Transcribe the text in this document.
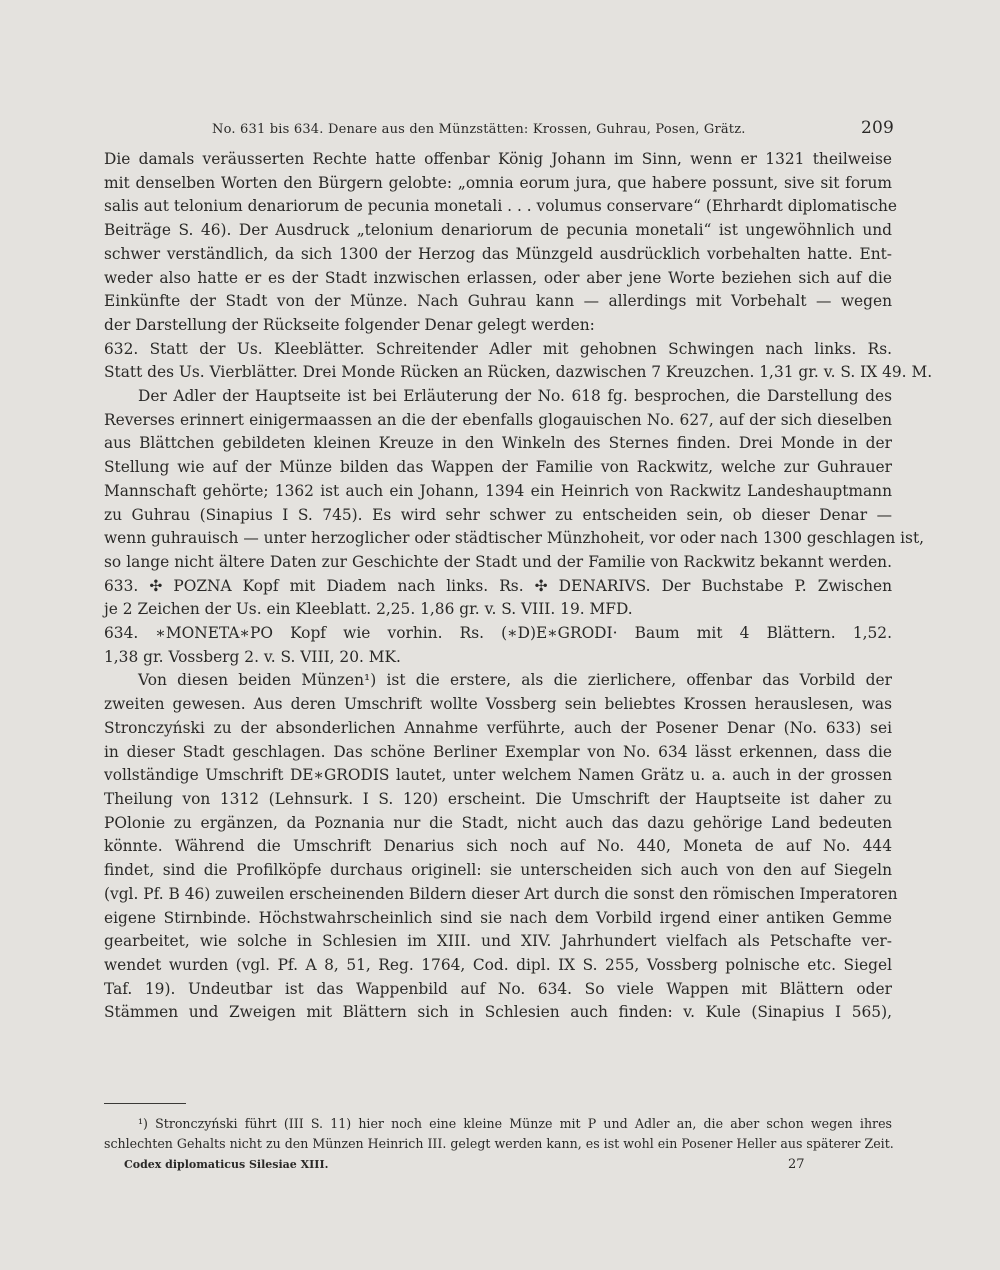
No. 631 bis 634. Denare aus den Münzstätten: Krossen, Guhrau, Posen, Grätz.	209
Die damals veräusserten Rechte hatte offenbar König Johann im Sinn, wenn er 1321 theilweise
mit denselben Worten den Bürgern gelobte: „omnia eorum jura, que habere possunt, sive sit forum
salis aut telonium denariorum de pecunia monetali . . . volumus conservare“ (Ehrhardt diplomatische
Beiträge S. 46). Der Ausdruck „telonium denariorum de pecunia monetali“ ist ungewöhnlich und
schwer verständlich, da sich 1300 der Herzog das Münzgeld ausdrücklich vorbehalten hatte. Ent-
weder also hatte er es der Stadt inzwischen erlassen, oder aber jene Worte beziehen sich auf die
Einkünfte der Stadt von der Münze. Nach Guhrau kann — allerdings mit Vorbehalt — wegen
der Darstellung der Rückseite folgender Denar gelegt werden:
632. Statt der Us. Kleeblätter. Schreitender Adler mit gehobnen Schwingen nach links. Rs.
Statt des Us. Vierblätter. Drei Monde Rücken an Rücken, dazwischen 7 Kreuzchen. 1,31 gr. v. S. IX 49. M.
Der Adler der Hauptseite ist bei Erläuterung der No. 618 fg. besprochen, die Darstellung des
Reverses erinnert einigermaassen an die der ebenfalls glogauischen No. 627, auf der sich dieselben
aus Blättchen gebildeten kleinen Kreuze in den Winkeln des Sternes finden. Drei Monde in der
Stellung wie auf der Münze bilden das Wappen der Familie von Rackwitz, welche zur Guhrauer
Mannschaft gehörte; 1362 ist auch ein Johann, 1394 ein Heinrich von Rackwitz Landeshauptmann
zu Guhrau (Sinapius I S. 745). Es wird sehr schwer zu entscheiden sein, ob dieser Denar —
wenn guhrauisch — unter herzoglicher oder städtischer Münzhoheit, vor oder nach 1300 geschlagen ist,
so lange nicht ältere Daten zur Geschichte der Stadt und der Familie von Rackwitz bekannt werden.
633. ✣ POZNA Kopf mit Diadem nach links. Rs. ✣ DENARIVS. Der Buchstabe P. Zwischen
je 2 Zeichen der Us. ein Kleeblatt. 2,25. 1,86 gr. v. S. VIII. 19. MFD.
634. ∗MONETA∗PO Kopf wie vorhin. Rs. (∗D)E∗GRODI· Baum mit 4 Blättern. 1,52.
1,38 gr. Vossberg 2. v. S. VIII, 20. MK.
Von diesen beiden Münzen¹) ist die erstere, als die zierlichere, offenbar das Vorbild der
zweiten gewesen. Aus deren Umschrift wollte Vossberg sein beliebtes Krossen herauslesen, was
Stronczyński zu der absonderlichen Annahme verführte, auch der Posener Denar (No. 633) sei
in dieser Stadt geschlagen. Das schöne Berliner Exemplar von No. 634 lässt erkennen, dass die
vollständige Umschrift DE∗GRODIS lautet, unter welchem Namen Grätz u. a. auch in der grossen
Theilung von 1312 (Lehnsurk. I S. 120) erscheint. Die Umschrift der Hauptseite ist daher zu
POlonie zu ergänzen, da Poznania nur die Stadt, nicht auch das dazu gehörige Land bedeuten
könnte. Während die Umschrift Denarius sich noch auf No. 440, Moneta de auf No. 444
findet, sind die Profilköpfe durchaus originell: sie unterscheiden sich auch von den auf Siegeln
(vgl. Pf. B 46) zuweilen erscheinenden Bildern dieser Art durch die sonst den römischen Imperatoren
eigene Stirnbinde. Höchstwahrscheinlich sind sie nach dem Vorbild irgend einer antiken Gemme
gearbeitet, wie solche in Schlesien im XIII. und XIV. Jahrhundert vielfach als Petschafte ver-
wendet wurden (vgl. Pf. A 8, 51, Reg. 1764, Cod. dipl. IX S. 255, Vossberg polnische etc. Siegel
Taf. 19). Undeutbar ist das Wappenbild auf No. 634. So viele Wappen mit Blättern oder
Stämmen und Zweigen mit Blättern sich in Schlesien auch finden: v. Kule (Sinapius I 565),
¹) Stronczyński führt (III S. 11) hier noch eine kleine Münze mit P und Adler an, die aber schon wegen ihres
schlechten Gehalts nicht zu den Münzen Heinrich III. gelegt werden kann, es ist wohl ein Posener Heller aus späterer Zeit.
Codex diplomaticus Silesiae XIII.	27
